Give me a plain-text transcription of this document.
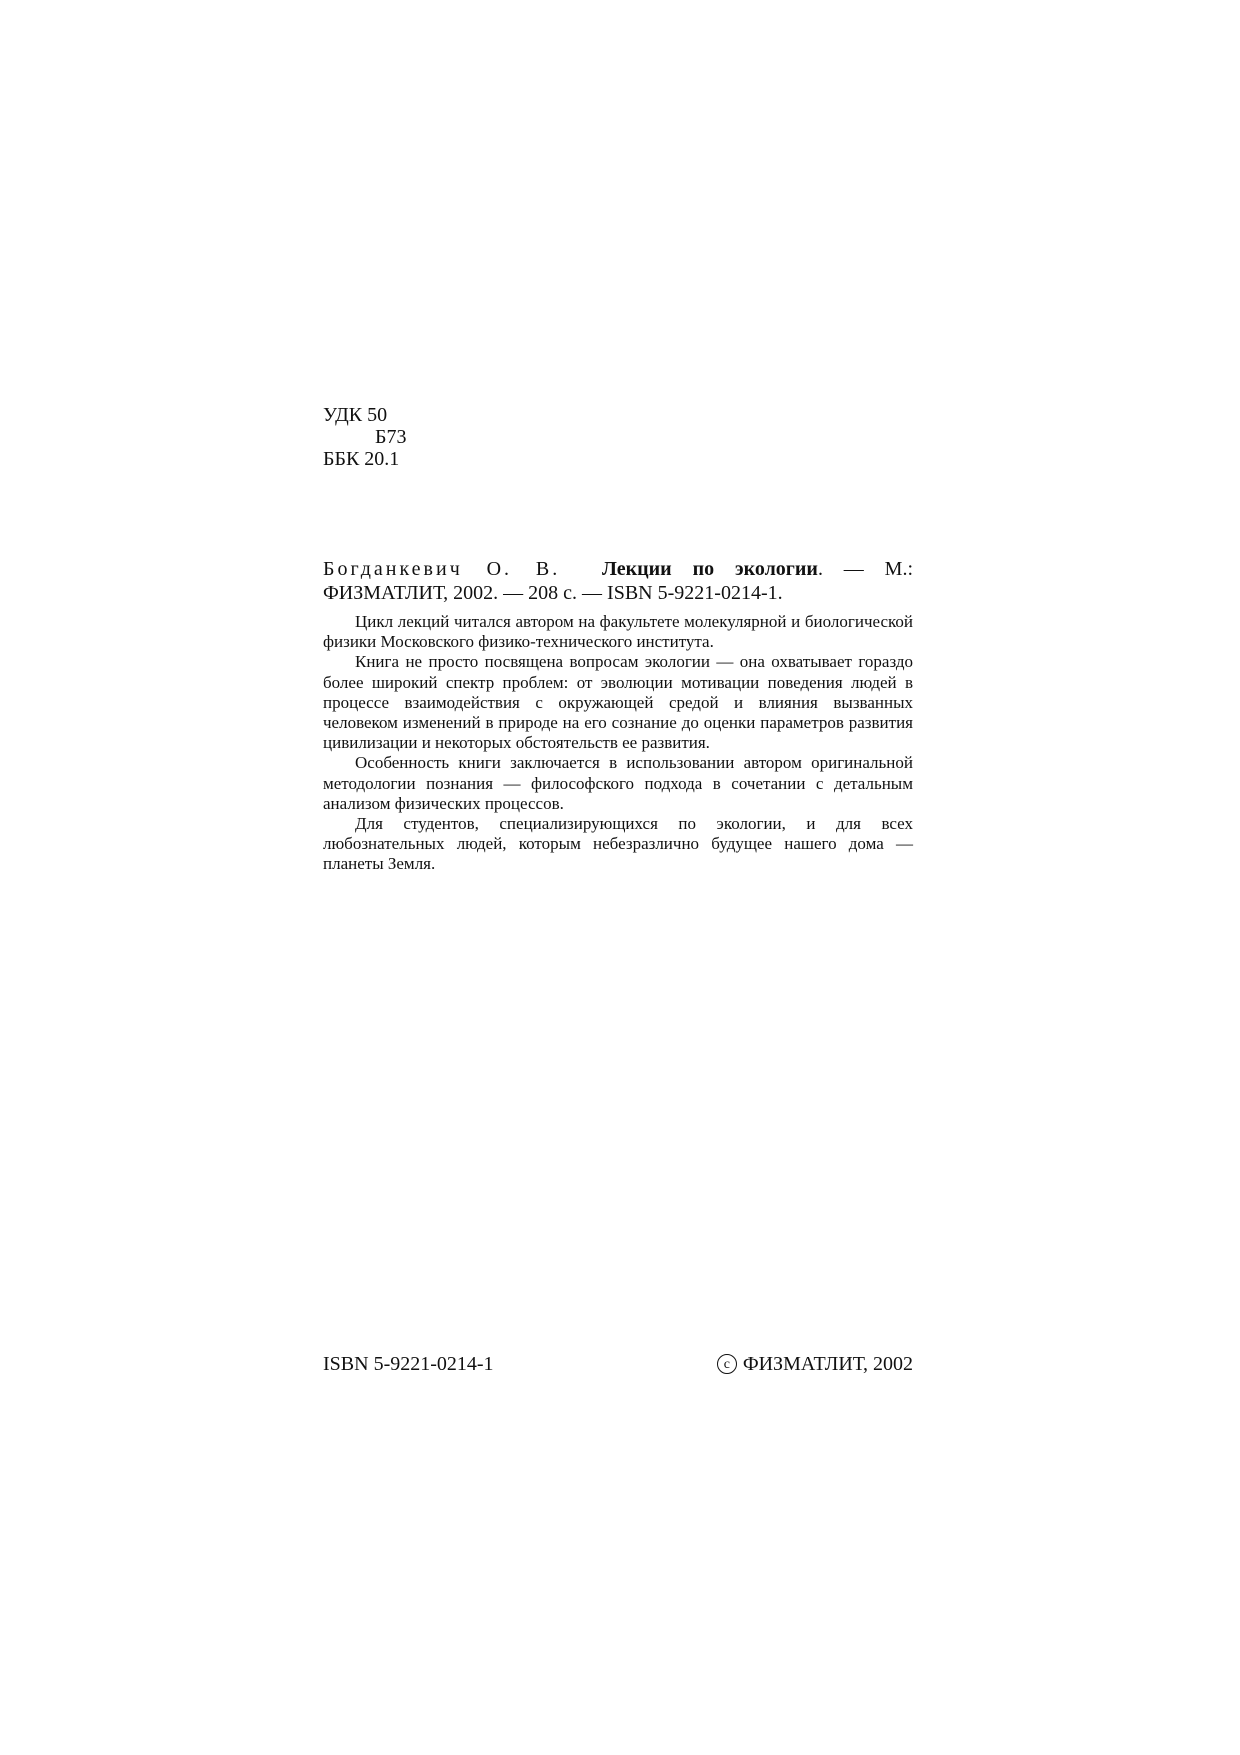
УДК 50
Б73
ББК 20.1
Богданкевич О. В. Лекции по экологии. — М.: ФИЗМАТЛИТ, 2002. — 208 с. — ISBN 5-9221-0214-1.

Цикл лекций читался автором на факультете молекулярной и биологической физики Московского физико-технического института.

Книга не просто посвящена вопросам экологии — она охватывает гораздо более широкий спектр проблем: от эволюции мотивации поведения людей в процессе взаимодействия с окружающей средой и влияния вызванных человеком изменений в природе на его сознание до оценки параметров развития цивилизации и некоторых обстоятельств ее развития.

Особенность книги заключается в использовании автором оригинальной методологии познания — философского подхода в сочетании с детальным анализом физических процессов.

Для студентов, специализирующихся по экологии, и для всех любознательных людей, которым небезразлично будущее нашего дома — планеты Земля.

ISBN 5-9221-0214-1	c ФИЗМАТЛИТ, 2002
